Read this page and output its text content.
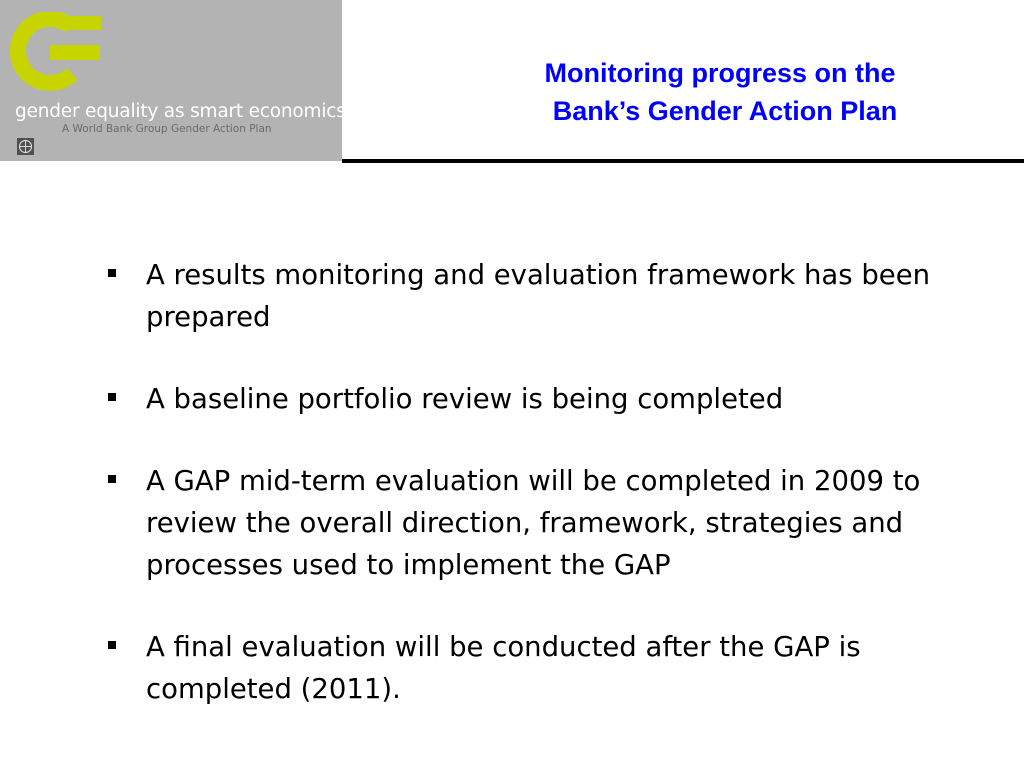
gender equality as smart economics
A World Bank Group Gender Action Plan
Monitoring progress on the
Bank’s Gender Action Plan
A results monitoring and evaluation framework has been prepared
A baseline portfolio review is being completed
A GAP mid-term evaluation will be completed in 2009 to review the overall direction, framework, strategies and processes used to implement the GAP
A final evaluation will be conducted after the GAP is completed (2011).
